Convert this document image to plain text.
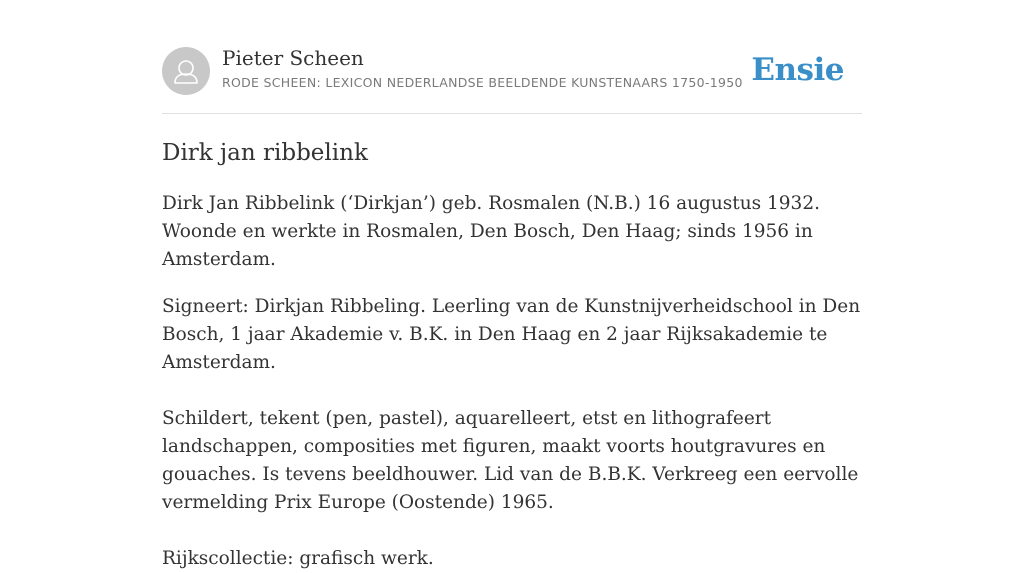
Pieter Scheen
RODE SCHEEN: LEXICON NEDERLANDSE BEELDENDE KUNSTENAARS 1750-1950 Ensie
Dirk jan ribbelink

Dirk Jan Ribbelink (‘Dirkjan’) geb. Rosmalen (N.B.) 16 augustus 1932. Woonde en werkte in Rosmalen, Den Bosch, Den Haag; sinds 1956 in Amsterdam.

Signeert: Dirkjan Ribbeling. Leerling van de Kunstnijverheidschool in Den Bosch, 1 jaar Akademie v. B.K. in Den Haag en 2 jaar Rijksakademie te Amsterdam.

Schildert, tekent (pen, pastel), aquarelleert, etst en lithografeert landschappen, composities met figuren, maakt voorts houtgravures en gouaches. Is tevens beeldhouwer. Lid van de B.B.K. Verkreeg een eervolle vermelding Prix Europe (Oostende) 1965.

Rijkscollectie: grafisch werk.
